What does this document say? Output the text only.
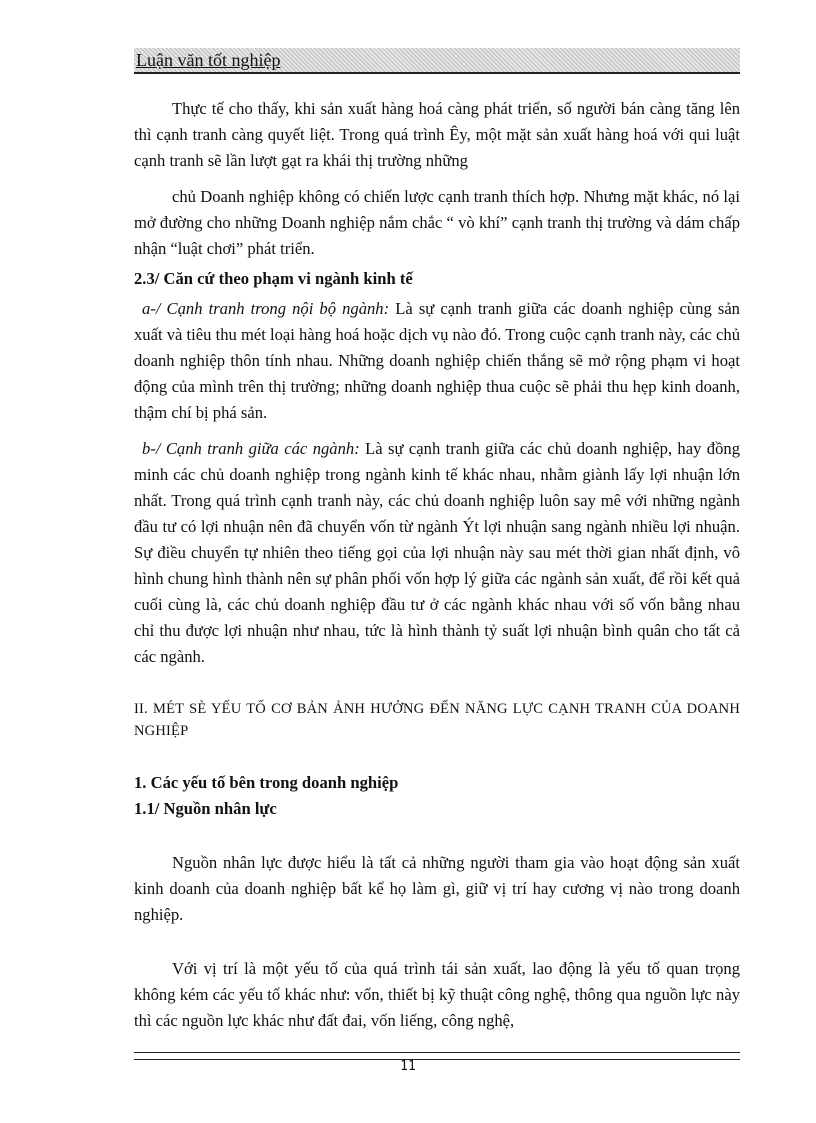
Luận văn tốt nghiệp

Thực tế cho thấy, khi sản xuất hàng hoá càng phát triển, số người bán càng tăng lên thì cạnh tranh càng quyết liệt. Trong quá trình Êy, một mặt sản xuất hàng hoá với qui luật cạnh tranh sẽ lần lượt gạt ra khái thị trường những

chủ Doanh nghiệp không có chiến lược cạnh tranh thích hợp. Nhưng mặt khác, nó lại mở đường cho những Doanh nghiệp nắm chắc “ vò khí” cạnh tranh thị trường và dám chấp nhận “luật chơi” phát triển.

2.3/ Căn cứ theo phạm vi ngành kinh tế

a-/ Cạnh tranh trong nội bộ ngành: Là sự cạnh tranh giữa các doanh nghiệp cùng sản xuất và tiêu thu mét loại hàng hoá hoặc dịch vụ nào đó. Trong cuộc cạnh tranh này, các chủ doanh nghiệp thôn tính nhau. Những doanh nghiệp chiến thắng sẽ mở rộng phạm vi hoạt động của mình trên thị trường; những doanh nghiệp thua cuộc sẽ phải thu hẹp kinh doanh, thậm chí bị phá sản.

b-/ Cạnh tranh giữa các ngành: Là sự cạnh tranh giữa các chủ doanh nghiệp, hay đồng minh các chủ doanh nghiệp trong ngành kinh tế khác nhau, nhằm giành lấy lợi nhuận lớn nhất. Trong quá trình cạnh tranh này, các chủ doanh nghiệp luôn say mê với những ngành đầu tư có lợi nhuận nên đã chuyển vốn từ ngành Ýt lợi nhuận sang ngành nhiều lợi nhuận. Sự điều chuyển tự nhiên theo tiếng gọi của lợi nhuận này sau mét thời gian nhất định, vô hình chung hình thành nên sự phân phối vốn hợp lý giữa các ngành sản xuất, để rồi kết quả cuối cùng là, các chủ doanh nghiệp đầu tư ở các ngành khác nhau với số vốn bằng nhau chỉ thu được lợi nhuận như nhau, tức là hình thành tỷ suất lợi nhuận bình quân cho tất cả các ngành.

II. MÉT SÈ YẾU TỐ CƠ BẢN ẢNH HƯỞNG ĐẾN NĂNG LỰC CẠNH TRANH CỦA DOANH NGHIỆP

1. Các yếu tố bên trong doanh nghiệp

1.1/ Nguồn nhân lực

Nguồn nhân lực được hiểu là tất cả những người tham gia vào hoạt động sản xuất kinh doanh của doanh nghiệp bất kể họ làm gì, giữ vị trí hay cương vị nào trong doanh nghiệp.

Với vị trí là một yếu tố của quá trình tái sản xuất, lao động là yếu tố quan trọng không kém các yếu tố khác như: vốn, thiết bị kỹ thuật công nghệ, thông qua nguồn lực này thì các nguồn lực khác như đất đai, vốn liếng, công nghệ,

11
